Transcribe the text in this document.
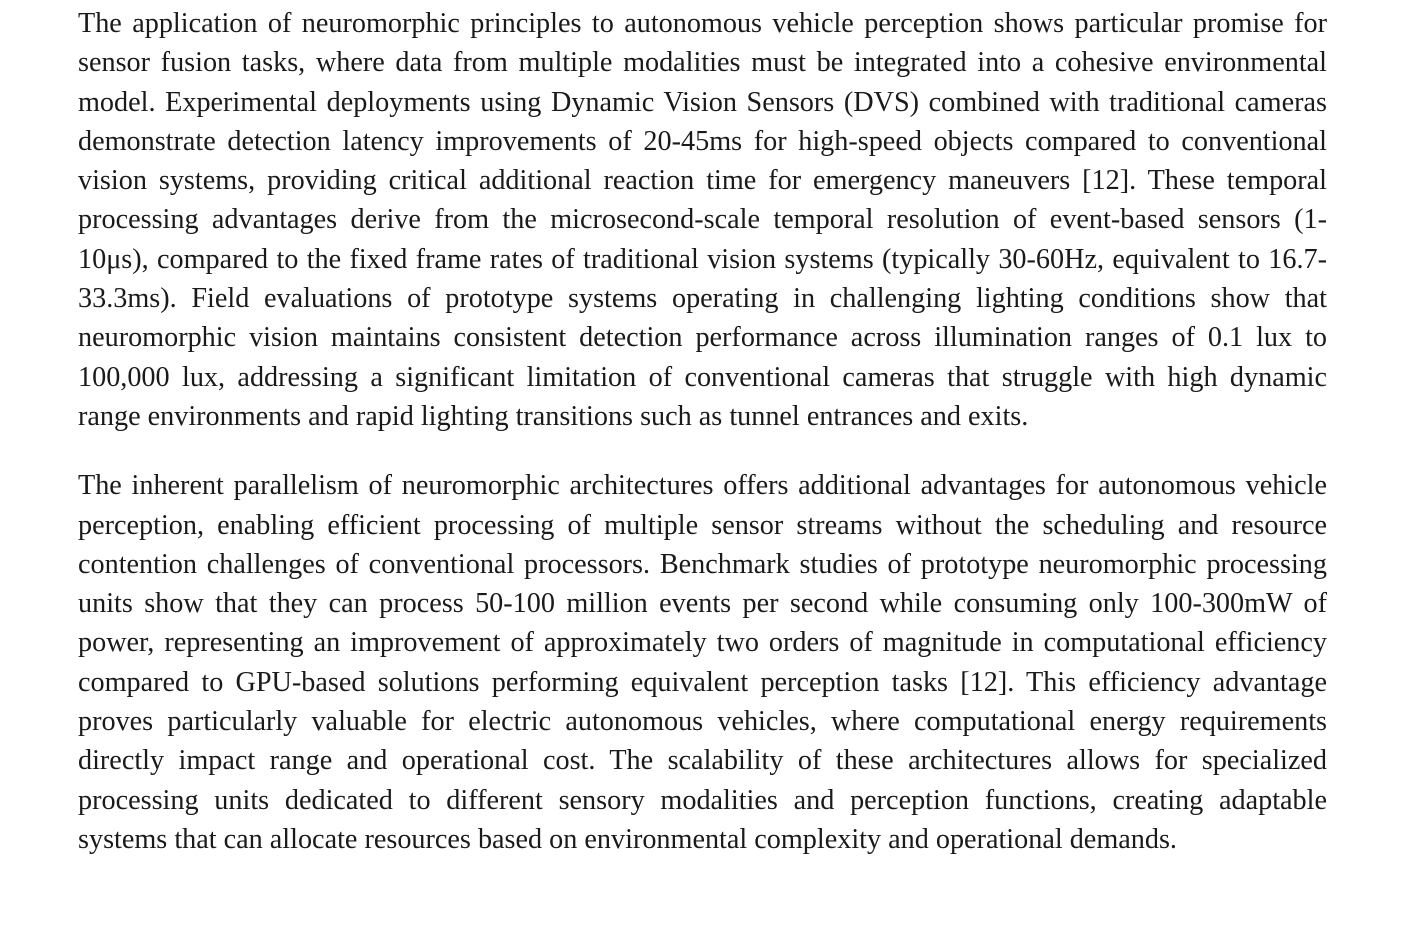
The application of neuromorphic principles to autonomous vehicle perception shows particular promise for sensor fusion tasks, where data from multiple modalities must be integrated into a cohesive environmental model. Experimental deployments using Dynamic Vision Sensors (DVS) combined with traditional cameras demonstrate detection latency improvements of 20-45ms for high-speed objects compared to conventional vision systems, providing critical additional reaction time for emergency maneuvers [12]. These temporal processing advantages derive from the microsecond-scale temporal resolution of event-based sensors (1-10μs), compared to the fixed frame rates of traditional vision systems (typically 30-60Hz, equivalent to 16.7-33.3ms). Field evaluations of prototype systems operating in challenging lighting conditions show that neuromorphic vision maintains consistent detection performance across illumination ranges of 0.1 lux to 100,000 lux, addressing a significant limitation of conventional cameras that struggle with high dynamic range environments and rapid lighting transitions such as tunnel entrances and exits.

The inherent parallelism of neuromorphic architectures offers additional advantages for autonomous vehicle perception, enabling efficient processing of multiple sensor streams without the scheduling and resource contention challenges of conventional processors. Benchmark studies of prototype neuromorphic processing units show that they can process 50-100 million events per second while consuming only 100-300mW of power, representing an improvement of approximately two orders of magnitude in computational efficiency compared to GPU-based solutions performing equivalent perception tasks [12]. This efficiency advantage proves particularly valuable for electric autonomous vehicles, where computational energy requirements directly impact range and operational cost. The scalability of these architectures allows for specialized processing units dedicated to different sensory modalities and perception functions, creating adaptable systems that can allocate resources based on environmental complexity and operational demands.
